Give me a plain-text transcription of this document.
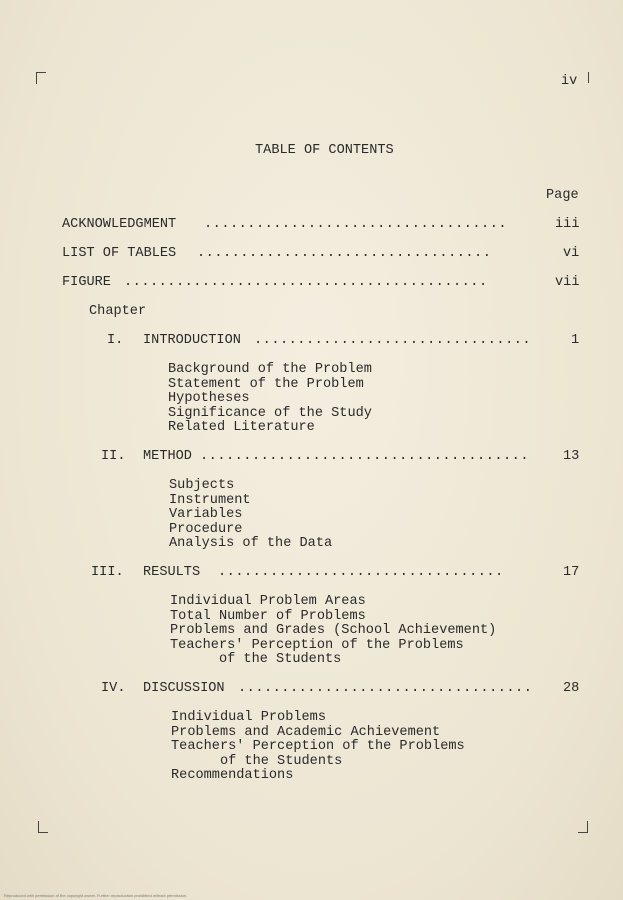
iv
TABLE OF CONTENTS
Page
ACKNOWLEDGMENT ...................................	iii
LIST OF TABLES ..................................	vi
FIGURE ..........................................	vii
Chapter
I. INTRODUCTION ................................	1
Background of the Problem
Statement of the Problem
Hypotheses
Significance of the Study
Related Literature
II. METHOD ......................................	13
Subjects
Instrument
Variables
Procedure
Analysis of the Data
III. RESULTS .................................	17
Individual Problem Areas
Total Number of Problems
Problems and Grades (School Achievement)
Teachers' Perception of the Problems
of the Students
IV. DISCUSSION .................................. 28
Individual Problems
Problems and Academic Achievement
Teachers' Perception of the Problems
of the Students
Recommendations
Reproduced with permission of the copyright owner. Further reproduction prohibited without permission.
